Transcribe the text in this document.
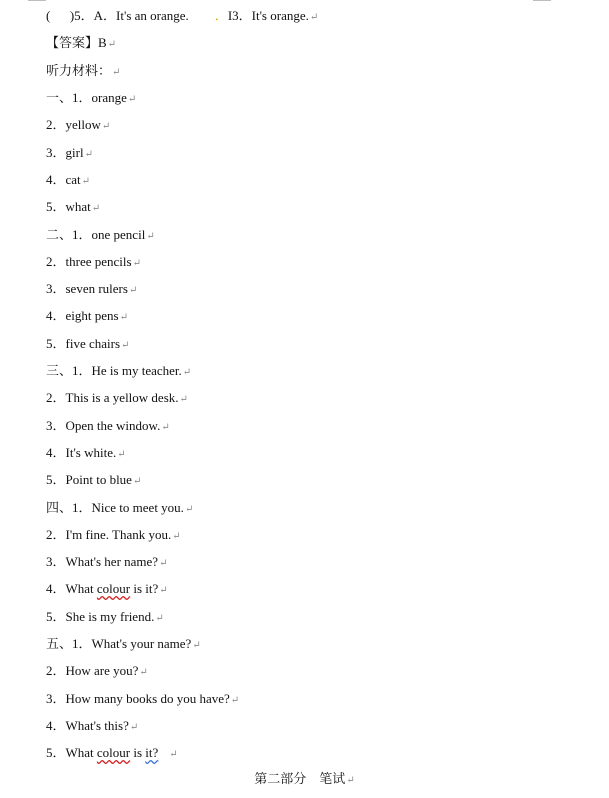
( )5．A．It's an orange. ．I3．It's orange.↵
【答案】B↵
听力材料：↵
一、1．orange↵
2．yellow↵
3．girl↵
4．cat↵
5．what↵
二、1．one pencil↵
2．three pencils↵
3．seven rulers↵
4．eight pens↵
5．five chairs↵
三、1．He is my teacher.↵
2．This is a yellow desk.↵
3．Open the window.↵
4．It's white.↵
5．Point to blue↵
四、1．Nice to meet you.↵
2．I'm fine. Thank you.↵
3．What's her name?↵
4．What colour is it?↵
5．She is my friend.↵
五、1．What's your name?↵
2．How are you?↵
3．How many books do you have?↵
4．What's this?↵
5．What colour is it? ↵
第二部分　笔试↵
